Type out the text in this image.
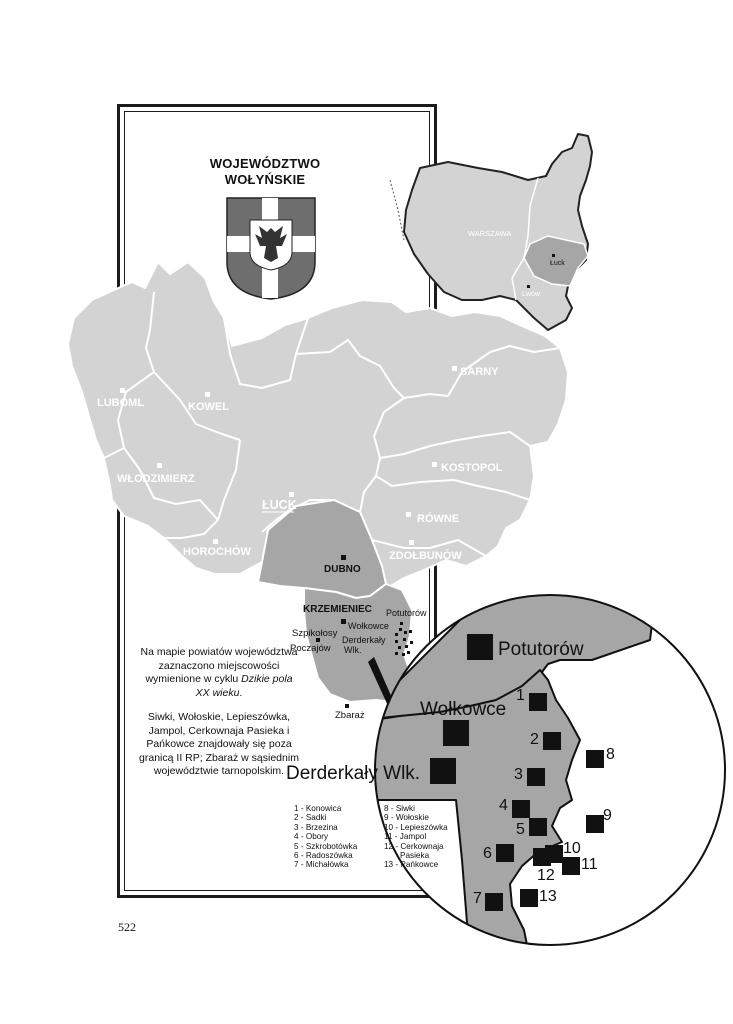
LUBOML	KOWEL
SARNY
WŁODZIMIERZ
ŁUCK
KOSTOPOL
RÓWNE
HOROCHÓW	ZDOŁBUNÓW
DUBNO
KRZEMIENIEC
Szpikołosy
Poczajów
Potutorów
Wołkowce
Derderkały
Wlk.
Zbaraż
WARSZAWA
Łuck
Lwów
Potutorów
Wołkowce
Derderkały Wlk.
1
2
3
4
5
6
7
8
9
10
11
12
13
WOJEWÓDZTWO
WOŁYŃSKIE

Na mapie powiatów województwa zaznaczono miejscowości wymienione w cyklu Dzikie pola XX wieku.

Siwki, Wołoskie, Lepieszówka, Jampol, Cerkownaja Pasieka i Pańkowce znajdowały się poza granicą II RP; Zbaraż w sąsiednim województwie tarnopolskim.

1 - Konowica
2 - Sadki
3 - Brzezina
4 - Obory
5 - Szkrobotówka
6 - Radoszówka
7 - Michałówka
8 - Siwki
9 - Wołoskie
10 - Lepieszówka
11 - Jampol
12 - Cerkownaja
Pasieka
13 - Pańkowce
522
